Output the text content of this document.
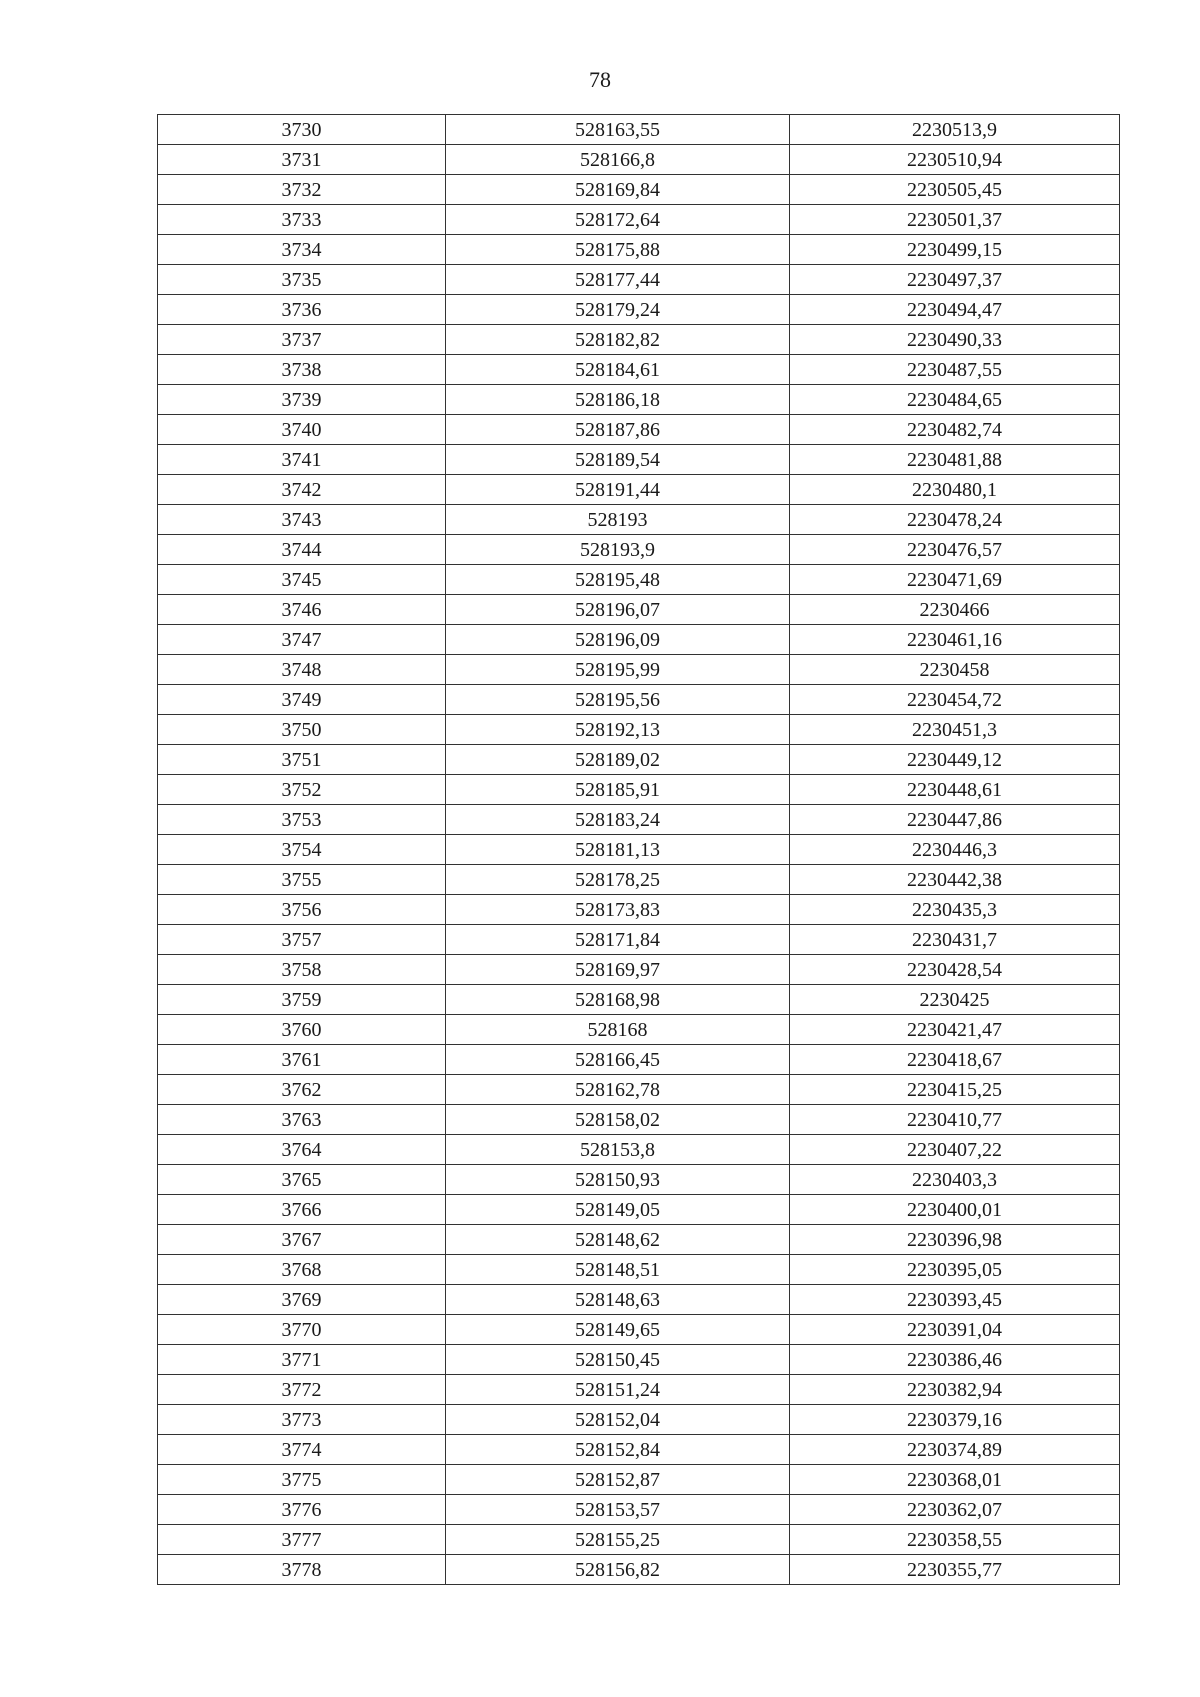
78
3730	528163,55	2230513,9
3731	528166,8	2230510,94
3732	528169,84	2230505,45
3733	528172,64	2230501,37
3734	528175,88	2230499,15
3735	528177,44	2230497,37
3736	528179,24	2230494,47
3737	528182,82	2230490,33
3738	528184,61	2230487,55
3739	528186,18	2230484,65
3740	528187,86	2230482,74
3741	528189,54	2230481,88
3742	528191,44	2230480,1
3743	528193	2230478,24
3744	528193,9	2230476,57
3745	528195,48	2230471,69
3746	528196,07	2230466
3747	528196,09	2230461,16
3748	528195,99	2230458
3749	528195,56	2230454,72
3750	528192,13	2230451,3
3751	528189,02	2230449,12
3752	528185,91	2230448,61
3753	528183,24	2230447,86
3754	528181,13	2230446,3
3755	528178,25	2230442,38
3756	528173,83	2230435,3
3757	528171,84	2230431,7
3758	528169,97	2230428,54
3759	528168,98	2230425
3760	528168	2230421,47
3761	528166,45	2230418,67
3762	528162,78	2230415,25
3763	528158,02	2230410,77
3764	528153,8	2230407,22
3765	528150,93	2230403,3
3766	528149,05	2230400,01
3767	528148,62	2230396,98
3768	528148,51	2230395,05
3769	528148,63	2230393,45
3770	528149,65	2230391,04
3771	528150,45	2230386,46
3772	528151,24	2230382,94
3773	528152,04	2230379,16
3774	528152,84	2230374,89
3775	528152,87	2230368,01
3776	528153,57	2230362,07
3777	528155,25	2230358,55
3778	528156,82	2230355,77
